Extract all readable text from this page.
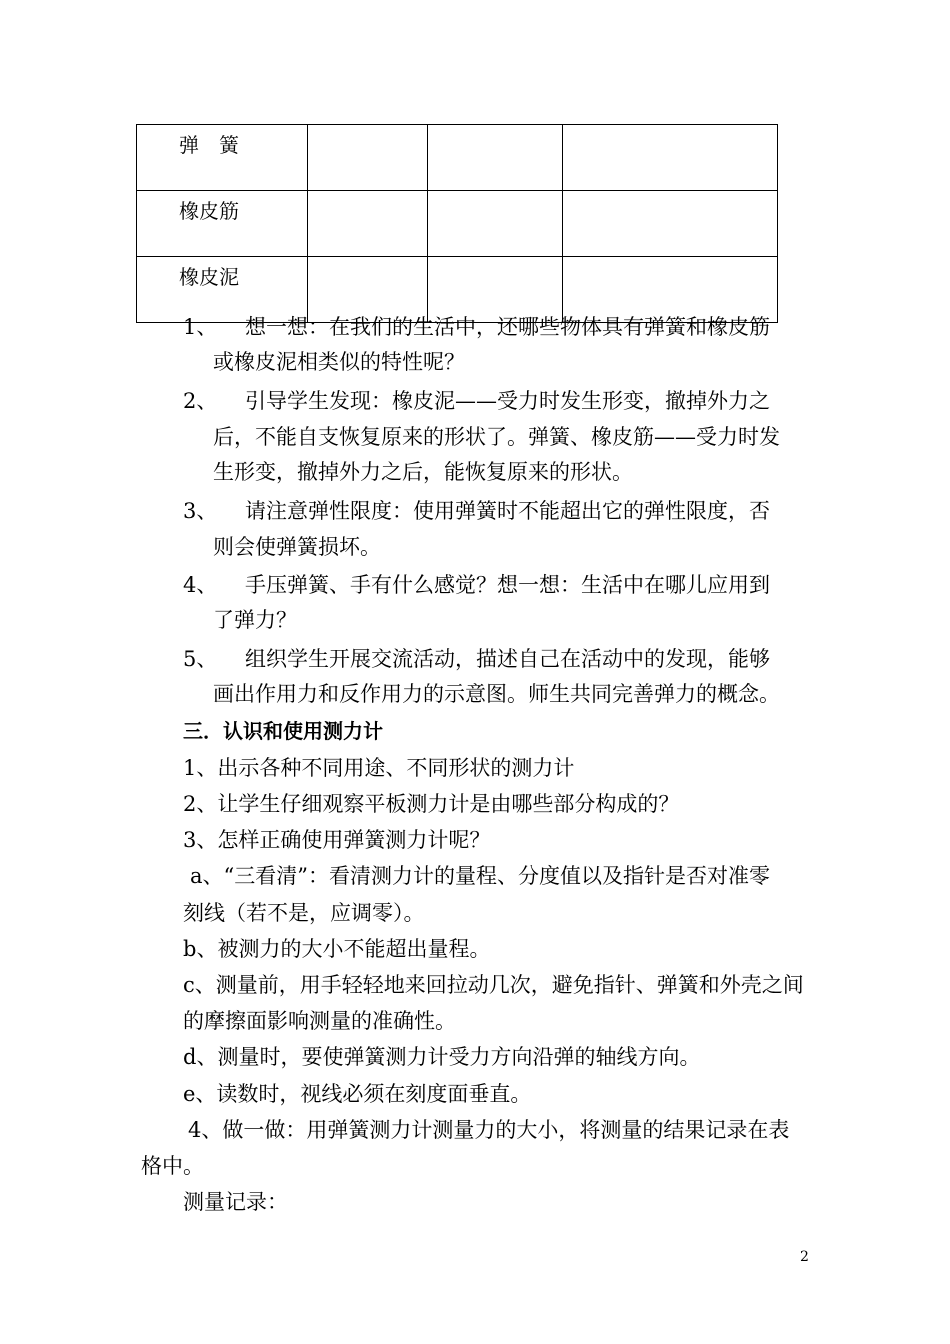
弹　簧			
橡皮筋			
橡皮泥			
1、 想一想：在我们的生活中，还哪些物体具有弹簧和橡皮筋
或橡皮泥相类似的特性呢？
2、 引导学生发现：橡皮泥——受力时发生形变，撤掉外力之
后，不能自支恢复原来的形状了。弹簧、橡皮筋——受力时发
生形变，撤掉外力之后，能恢复原来的形状。
3、 请注意弹性限度：使用弹簧时不能超出它的弹性限度，否
则会使弹簧损坏。
4、 手压弹簧、手有什么感觉？想一想：生活中在哪儿应用到
了弹力？
5、 组织学生开展交流活动，描述自己在活动中的发现，能够
画出作用力和反作用力的示意图。师生共同完善弹力的概念。
三．认识和使用测力计
1、出示各种不同用途、不同形状的测力计
2、让学生仔细观察平板测力计是由哪些部分构成的？
3、怎样正确使用弹簧测力计呢？
a、“三看清”：看清测力计的量程、分度值以及指针是否对准零
刻线（若不是，应调零）。
b、被测力的大小不能超出量程。
c、测量前，用手轻轻地来回拉动几次，避免指针、弹簧和外壳之间
的摩擦面影响测量的准确性。
d、测量时，要使弹簧测力计受力方向沿弹的轴线方向。
e、读数时，视线必须在刻度面垂直。
4、做一做：用弹簧测力计测量力的大小，将测量的结果记录在表
格中。
测量记录：
2
